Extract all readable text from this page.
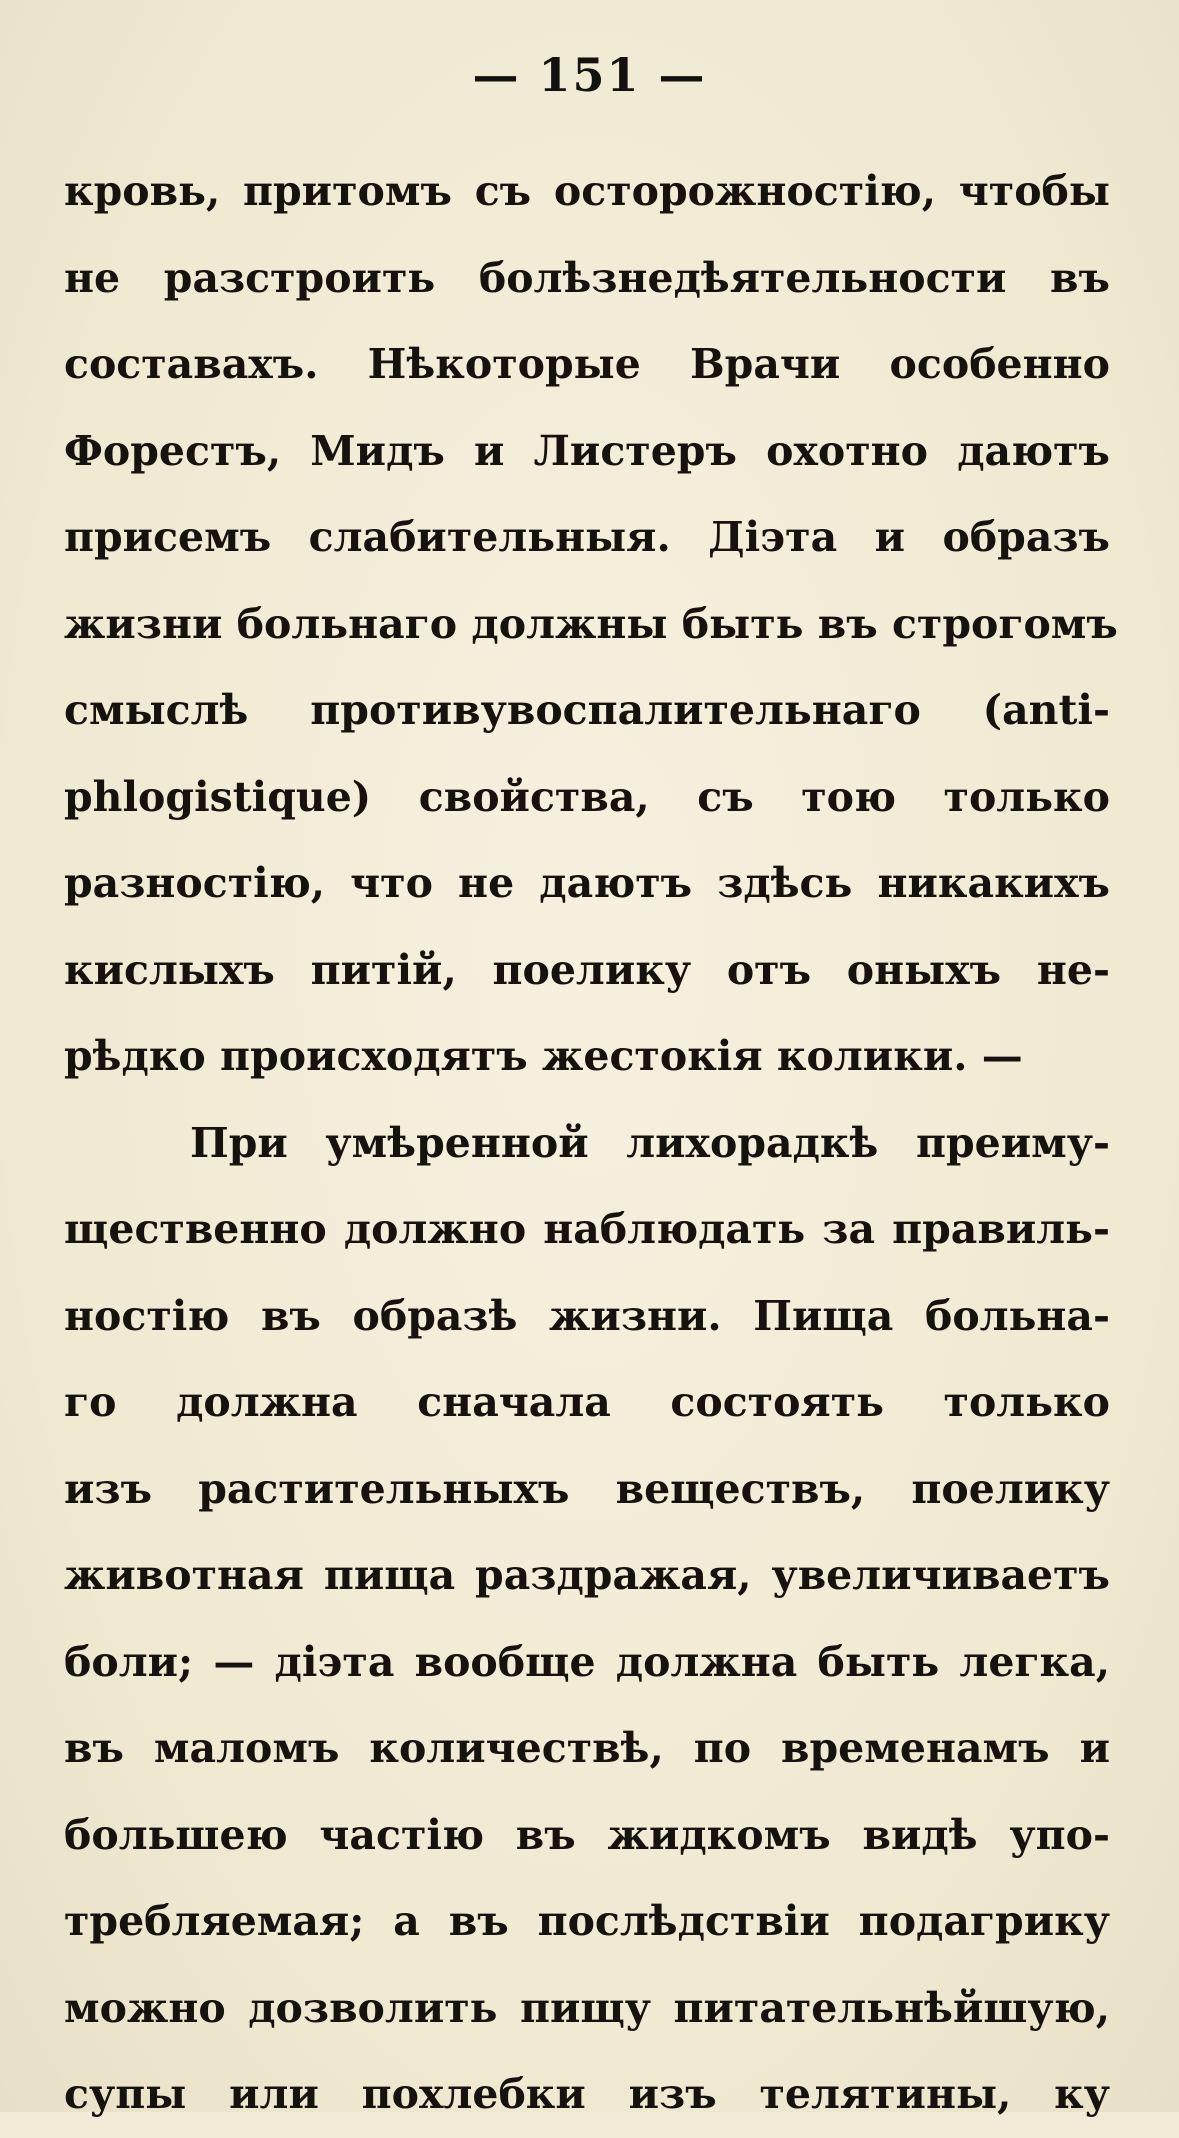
— 151 —
кровь, притомъ съ осторожностію, чтобы
не разстроить болѣзнедѣятельности въ
составахъ. Нѣкоторые Врачи особенно
Форестъ, Мидъ и Листеръ охотно даютъ
присемъ слабительныя. Діэта и образъ
жизни больнаго должны быть въ строгомъ
смыслѣ противувоспалительнаго (anti-
phlogistique) свойства, съ тою только
разностію, что не даютъ здѣсь никакихъ
кислыхъ питій, поелику отъ оныхъ не-
рѣдко происходятъ жестокія колики. —
При умѣренной лихорадкѣ преиму-
щественно должно наблюдать за правиль-
ностію въ образѣ жизни. Пища больна-
го должна сначала состоять только
изъ растительныхъ веществъ, поелику
животная пища раздражая, увеличиваетъ
боли; — діэта вообще должна быть легка,
въ маломъ количествѣ, по временамъ и
большею частію въ жидкомъ видѣ упо-
требляемая; а въ послѣдствіи подагрику
можно дозволить пищу питательнѣйшую,
супы или похлебки изъ телятины, ку
